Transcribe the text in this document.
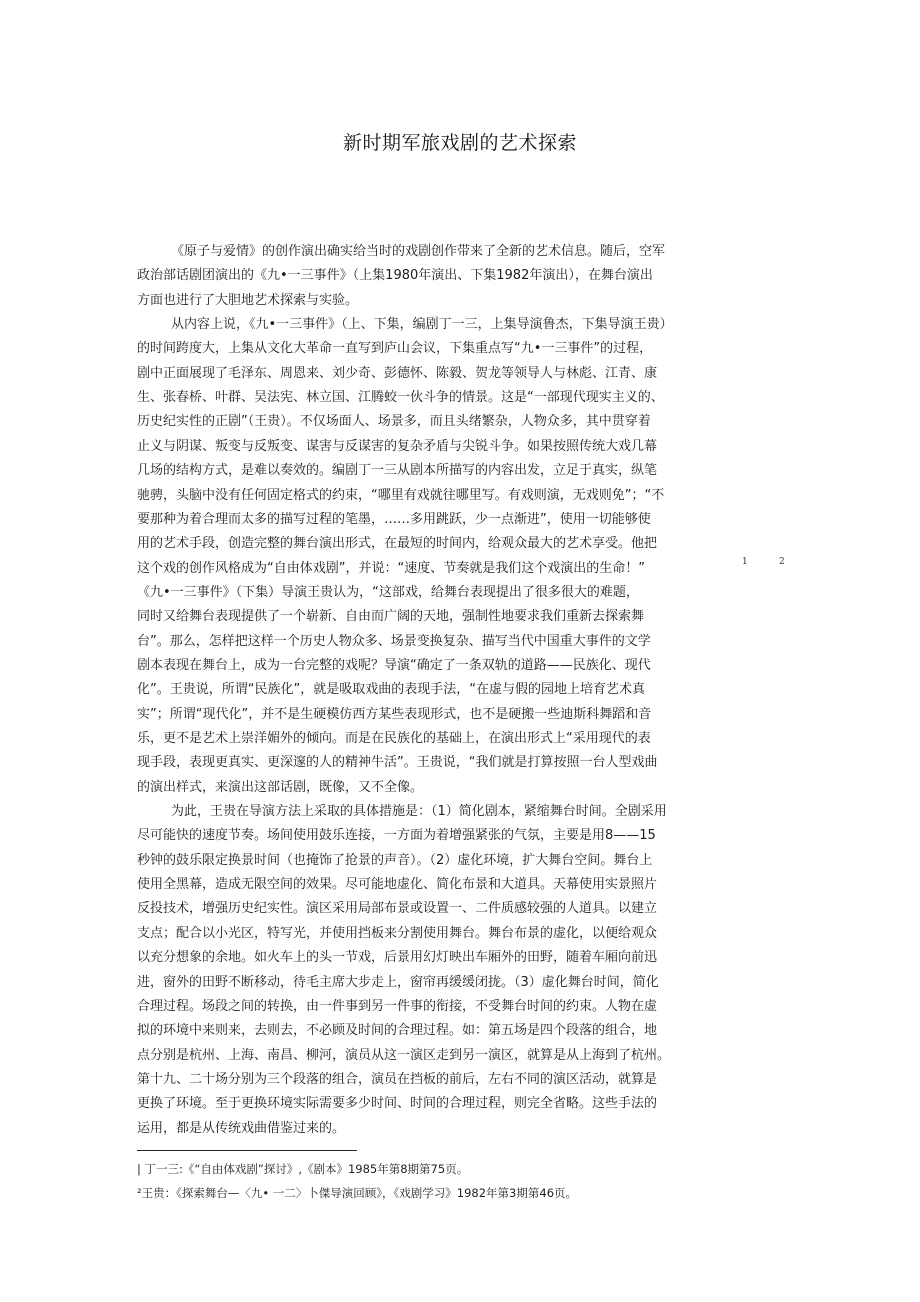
新时期军旅戏剧的艺术探索
《原子与爱情》的创作演出确实给当时的戏剧创作带来了全新的艺术信息。随后，空军
政治部话剧团演出的《九•一三事件》（上集1980年演出、下集1982年演出），在舞台演出
方面也进行了大胆地艺术探索与实验。
从内容上说，《九•一三事件》（上、下集，编剧丁一三，上集导演鲁杰，下集导演王贵）
的时间跨度大，上集从文化大革命一直写到庐山会议，下集重点写“九•一三事件”的过程，
剧中正面展现了毛泽东、周恩来、刘少奇、彭德怀、陈毅、贺龙等领导人与林彪、江青、康
生、张春桥、叶群、吴法宪、林立国、江腾蛟一伙斗争的情景。这是“一部现代现实主义的、
历史纪实性的正剧”（王贵）。不仅场面人、场景多，而且头绪繁杂，人物众多，其中贯穿着
止义与阴谋、叛变与反叛变、谋害与反谋害的复杂矛盾与尖锐斗争。如果按照传统大戏几幕
几场的结构方式，是难以奏效的。编剧丁一三从剧本所描写的内容出发，立足于真实，纵笔
驰骋，头脑中没有任何固定格式的约束，“哪里有戏就往哪里写。有戏则演，无戏则免”；“不
要那种为着合理而太多的描写过程的笔墨，……多用跳跃，少一点渐进”，使用一切能够使
用的艺术手段，创造完整的舞台演出形式，在最短的时间内，给观众最大的艺术享受。他把
这个戏的创作风格成为“自由体戏剧”，并说：“速度、节奏就是我们这个戏演出的生命！”
《九•一三事件》（下集）导演王贵认为，“这部戏，给舞台表现提出了很多很大的难题，
同时又给舞台表现提供了一个崭新、自由而广阔的天地，强制性地要求我们重新去探索舞
台”。那么，怎样把这样一个历史人物众多、场景变换复杂、描写当代中国重大事件的文学
剧本表现在舞台上，成为一台完整的戏呢？导演“确定了一条双轨的道路——民族化、现代
化”。王贵说，所谓“民族化”，就是吸取戏曲的表现手法，“在虚与假的园地上培育艺术真
实”；所谓“现代化”，并不是生硬模仿西方某些表现形式，也不是硬搬一些迪斯科舞蹈和音
乐，更不是艺术上崇洋媚外的倾向。而是在民族化的基础上，在演出形式上“采用现代的表
现手段，表现更真实、更深邃的人的精神牛活”。王贵说，“我们就是打算按照一台人型戏曲
的演出样式，来演出这部话剧，既像，又不全像。
为此，王贵在导演方法上采取的具体措施是：（1）简化剧本，紧缩舞台时间。全剧采用
尽可能快的速度节奏。场间使用鼓乐连接，一方面为着增强紧张的气氛，主要是用8——15
秒钟的鼓乐限定换景时间（也掩饰了抢景的声音）。（2）虚化环境，扩大舞台空间。舞台上
使用全黑幕，造成无限空间的效果。尽可能地虚化、简化布景和大道具。天幕使用实景照片
反投技术，增强历史纪实性。演区采用局部布景或设置一、二件质感较强的人道具。以建立
支点；配合以小光区，特写光，并使用挡板来分割使用舞台。舞台布景的虚化，以便给观众
以充分想象的余地。如火车上的头一节戏，后景用幻灯映出车厢外的田野，随着车厢向前迅
进，窗外的田野不断移动，待毛主席大步走上，窗帘再缓缓闭拢。（3）虚化舞台时间，简化
合理过程。场段之间的转换，由一件事到另一件事的衔接，不受舞台时间的约束。人物在虚
拟的环境中来则来，去则去，不必顾及时间的合理过程。如：第五场是四个段落的组合，地
点分别是杭州、上海、南昌、柳河，演员从这一演区走到另一演区，就算是从上海到了杭州。
第十九、二十场分别为三个段落的组合，演员在挡板的前后，左右不同的演区活动，就算是
更换了环境。至于更换环境实际需要多少时间、时间的合理过程，则完全省略。这些手法的
运用，都是从传统戏曲借鉴过来的。
1	2
| 丁一三:《“自由体戏剧”探讨》,《剧本》1985年第8期第75页。
²王贵：《探索舞台—〈九• 一二〉卜傑导演回顾》，《戏剧学习》1982年第3期第46页。
